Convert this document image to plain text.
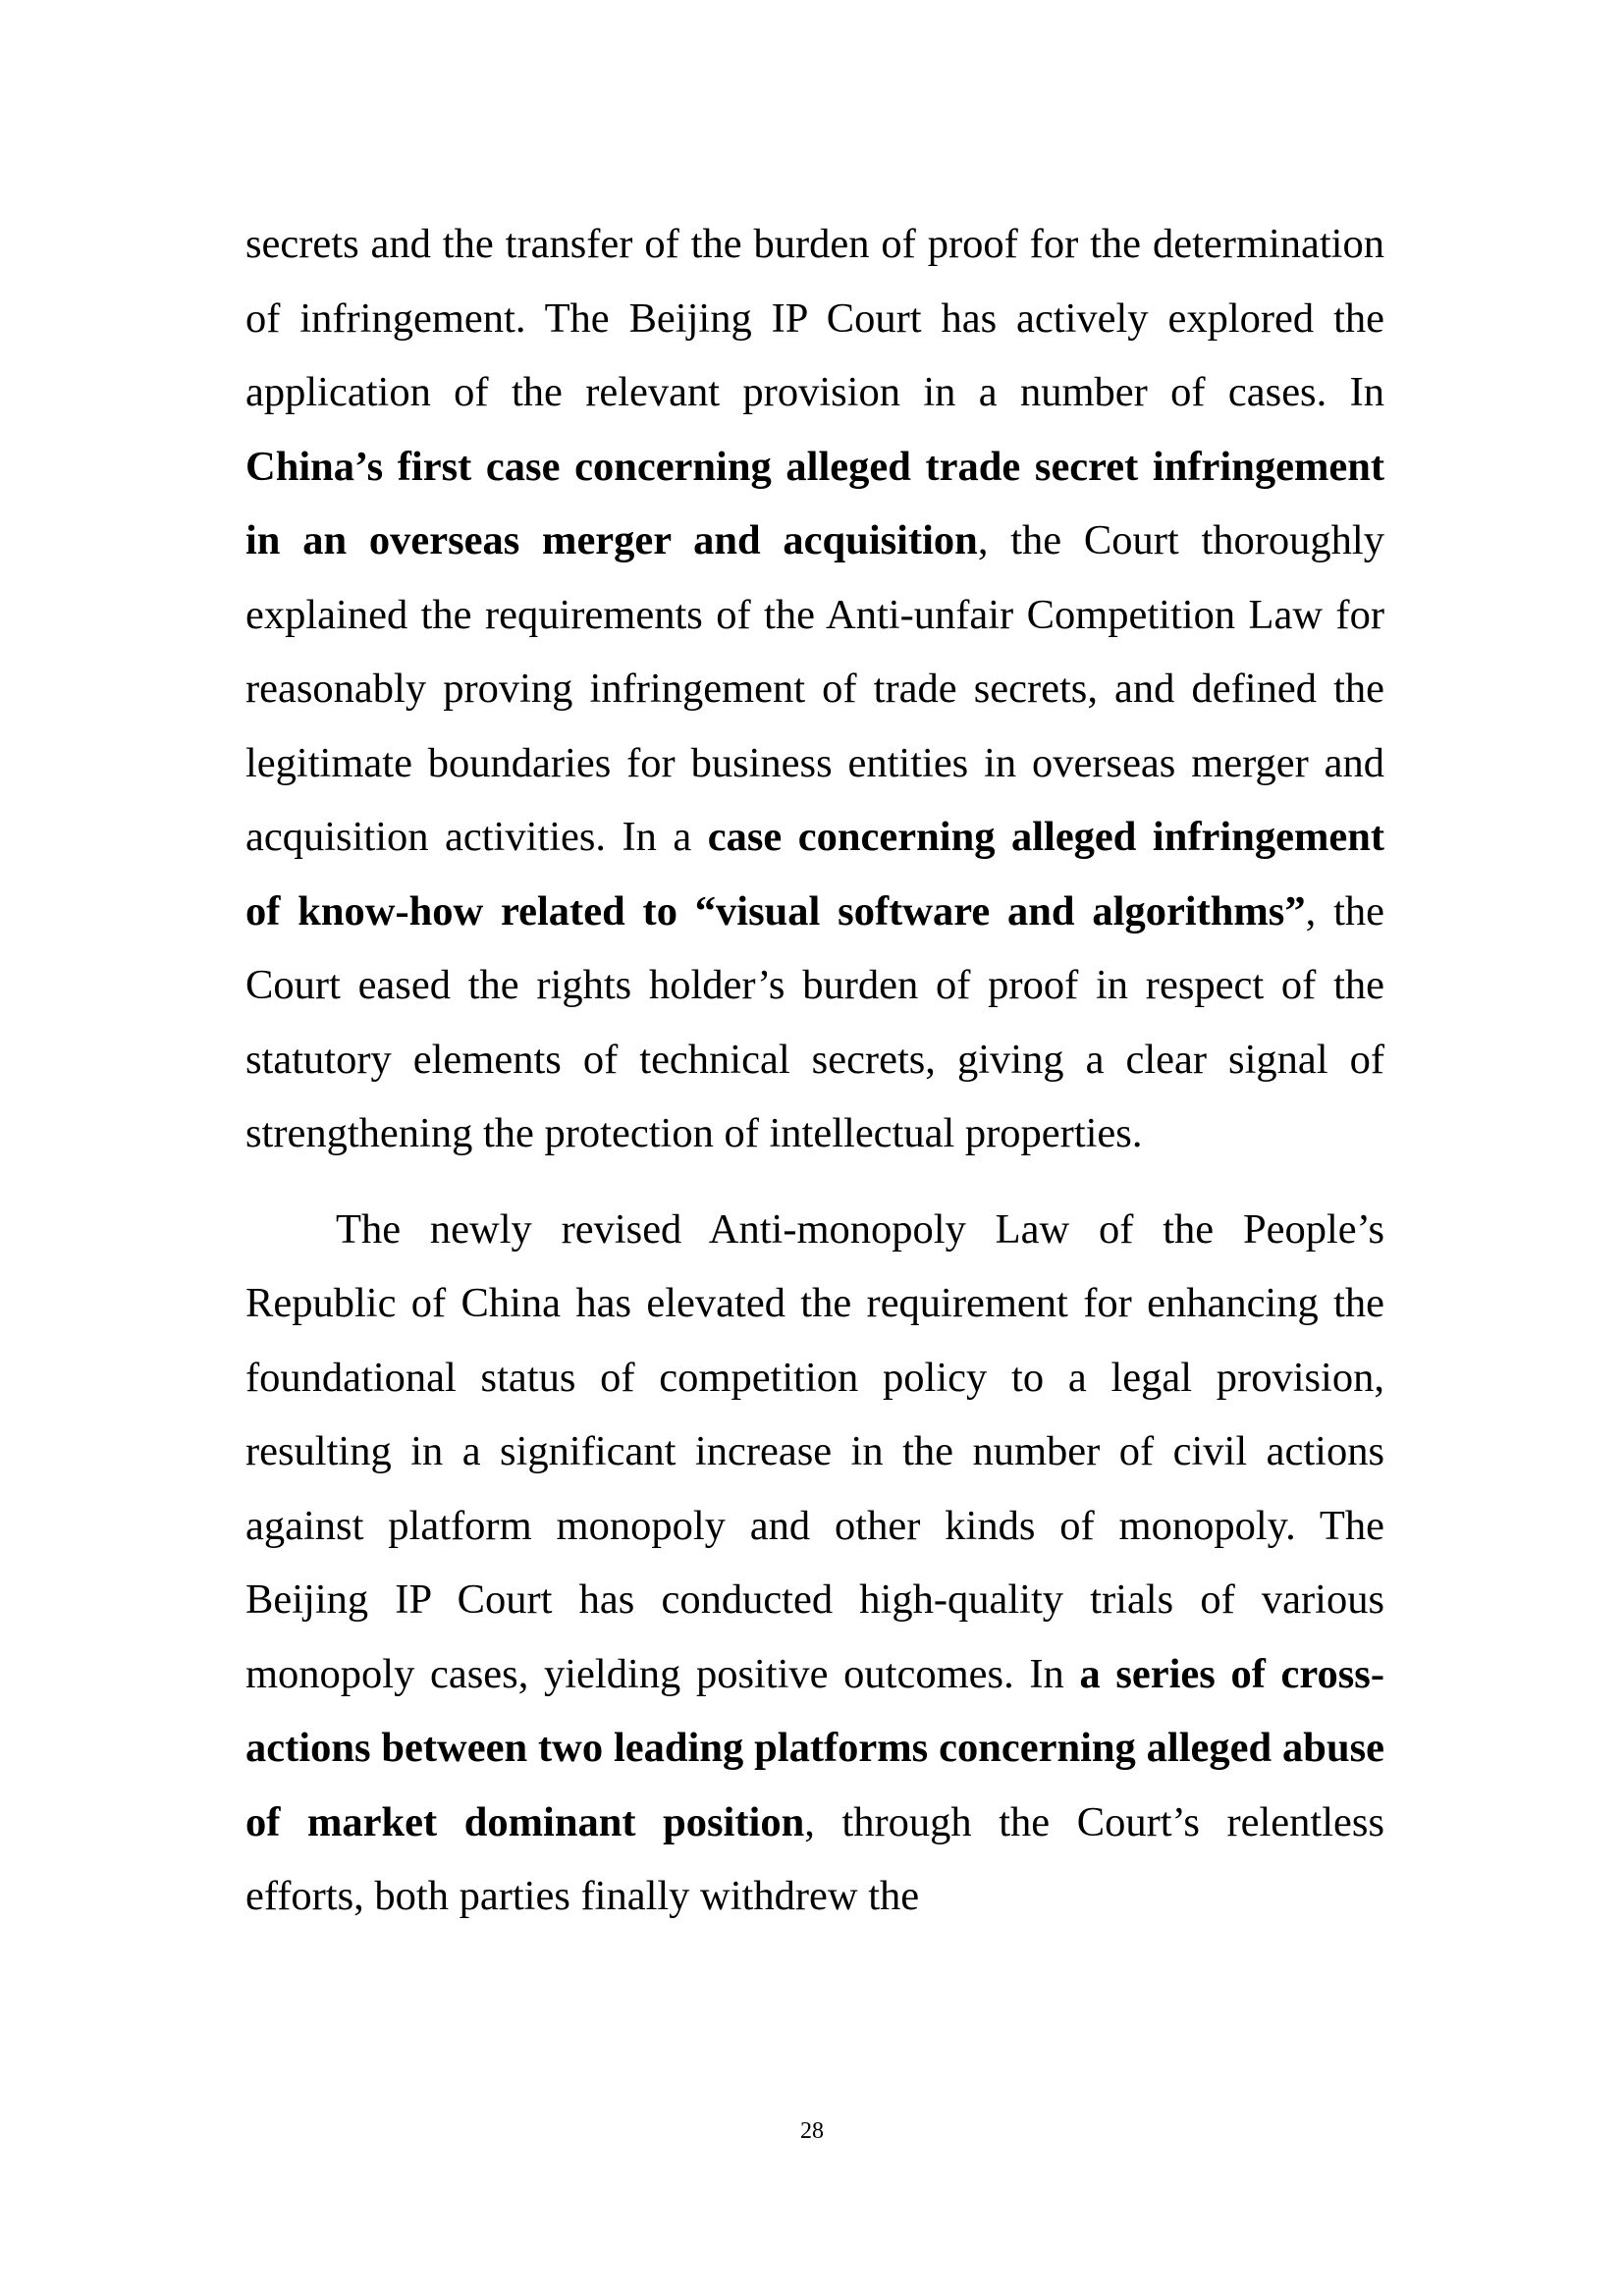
secrets and the transfer of the burden of proof for the determination of infringement. The Beijing IP Court has actively explored the application of the relevant provision in a number of cases. In China’s first case concerning alleged trade secret infringement in an overseas merger and acquisition, the Court thoroughly explained the requirements of the Anti-unfair Competition Law for reasonably proving infringement of trade secrets, and defined the legitimate boundaries for business entities in overseas merger and acquisition activities. In a case concerning alleged infringement of know-how related to “visual software and algorithms”, the Court eased the rights holder’s burden of proof in respect of the statutory elements of technical secrets, giving a clear signal of strengthening the protection of intellectual properties.

The newly revised Anti-monopoly Law of the People’s Republic of China has elevated the requirement for enhancing the foundational status of competition policy to a legal provision, resulting in a significant increase in the number of civil actions against platform monopoly and other kinds of monopoly. The Beijing IP Court has conducted high-quality trials of various monopoly cases, yielding positive outcomes. In a series of cross-actions between two leading platforms concerning alleged abuse of market dominant position, through the Court’s relentless efforts, both parties finally withdrew the

28
